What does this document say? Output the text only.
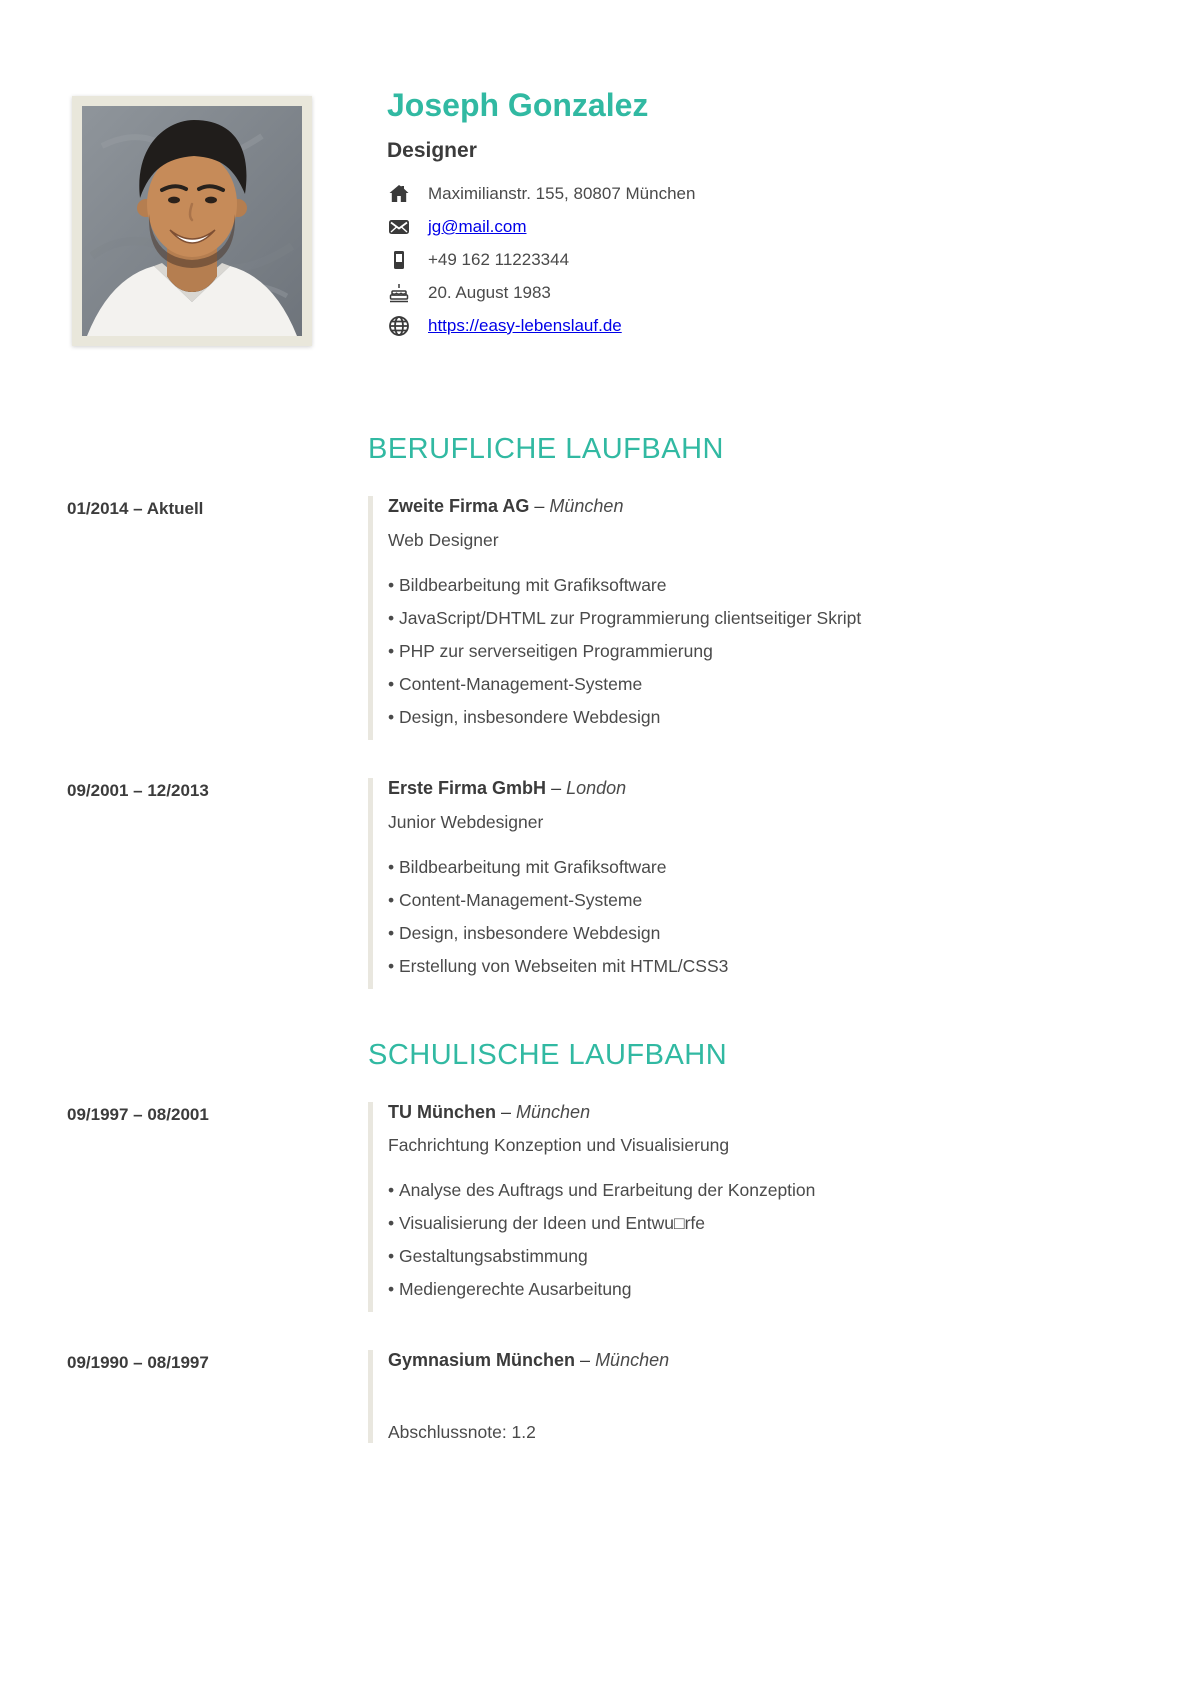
Joseph Gonzalez
Designer
Maximilianstr. 155, 80807 München
jg@mail.com
+49 162 11223344
20. August 1983
https://easy-lebenslauf.de
BERUFLICHE LAUFBAHN
01/2014 – Aktuell	Zweite Firma AG – München
Web Designer
• Bildbearbeitung mit Grafiksoftware
• JavaScript/DHTML zur Programmierung clientseitiger Skript
• PHP zur serverseitigen Programmierung
• Content-Management-Systeme
• Design, insbesondere Webdesign
09/2001 – 12/2013	Erste Firma GmbH – London
Junior Webdesigner
• Bildbearbeitung mit Grafiksoftware
• Content-Management-Systeme
• Design, insbesondere Webdesign
• Erstellung von Webseiten mit HTML/CSS3
SCHULISCHE LAUFBAHN
09/1997 – 08/2001	TU München – München
Fachrichtung Konzeption und Visualisierung
• Analyse des Auftrags und Erarbeitung der Konzeption
• Visualisierung der Ideen und Entwu□rfe
• Gestaltungsabstimmung
• Mediengerechte Ausarbeitung
09/1990 – 08/1997	Gymnasium München – München
Abschlussnote: 1.2
